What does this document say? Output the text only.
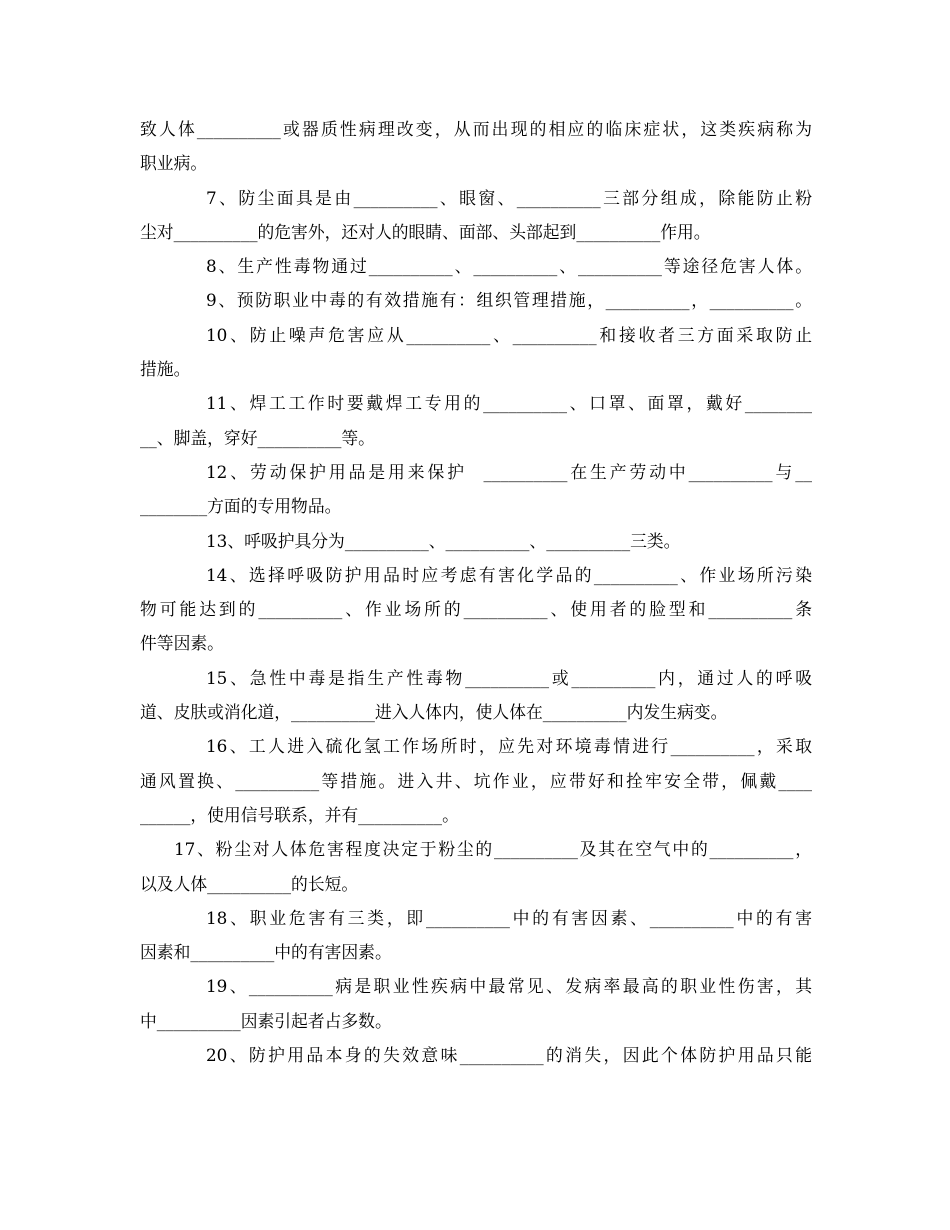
致人体__________或器质性病理改变，从而出现的相应的临床症状，这类疾病称为
职业病。
7、防尘面具是由__________、眼窗、__________三部分组成，除能防止粉
尘对__________的危害外，还对人的眼睛、面部、头部起到__________作用。
8、生产性毒物通过__________、__________、__________等途径危害人体。
9、预防职业中毒的有效措施有：组织管理措施，__________，__________。
10、防止噪声危害应从__________、__________和接收者三方面采取防止
措施。
11、焊工工作时要戴焊工专用的__________、口罩、面罩，戴好________
__、脚盖，穿好__________等。
12、劳动保护用品是用来保护  __________在生产劳动中__________与__
________方面的专用物品。
13、呼吸护具分为__________、__________、__________三类。
14、选择呼吸防护用品时应考虑有害化学品的__________、作业场所污染
物可能达到的__________、作业场所的__________、使用者的脸型和__________条
件等因素。
15、急性中毒是指生产性毒物__________或__________内，通过人的呼吸
道、皮肤或消化道，__________进入人体内，使人体在__________内发生病变。
16、工人进入硫化氢工作场所时，应先对环境毒情进行__________，采取
通风置换、__________等措施。进入井、坑作业，应带好和拴牢安全带，佩戴____
______，使用信号联系，并有__________。
17、粉尘对人体危害程度决定于粉尘的__________及其在空气中的__________，
以及人体__________的长短。
18、职业危害有三类，即__________中的有害因素、__________中的有害
因素和__________中的有害因素。
19、__________病是职业性疾病中最常见、发病率最高的职业性伤害，其
中__________因素引起者占多数。
20、防护用品本身的失效意味__________的消失，因此个体防护用品只能
